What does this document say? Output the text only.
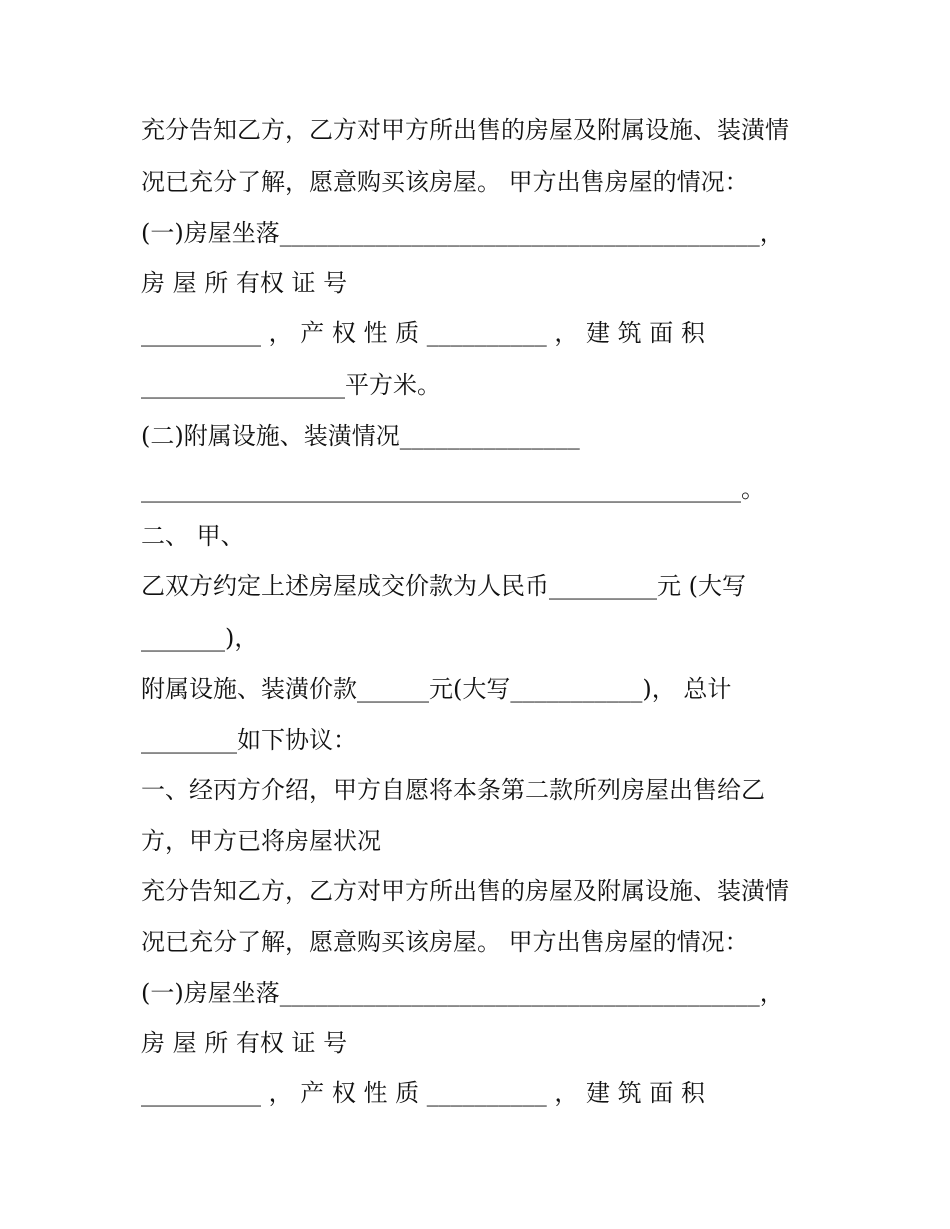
充分告知乙方，乙方对甲方所出售的房屋及附属设施、装潢情
况已充分了解，愿意购买该房屋。 甲方出售房屋的情况：
(一)房屋坐落________________________________________，
房 屋 所 有权 证 号
__________ ， 产 权 性 质 __________ ， 建 筑 面 积
_________________平方米。
(二)附属设施、装潢情况_______________
__________________________________________________。
二、 甲、
乙双方约定上述房屋成交价款为人民币_________元 (大写
_______)，
附属设施、装潢价款______元(大写___________)， 总计
________如下协议：
一、经丙方介绍，甲方自愿将本条第二款所列房屋出售给乙
方，甲方已将房屋状况
充分告知乙方，乙方对甲方所出售的房屋及附属设施、装潢情
况已充分了解，愿意购买该房屋。 甲方出售房屋的情况：
(一)房屋坐落________________________________________，
房 屋 所 有权 证 号
__________ ， 产 权 性 质 __________ ， 建 筑 面 积
